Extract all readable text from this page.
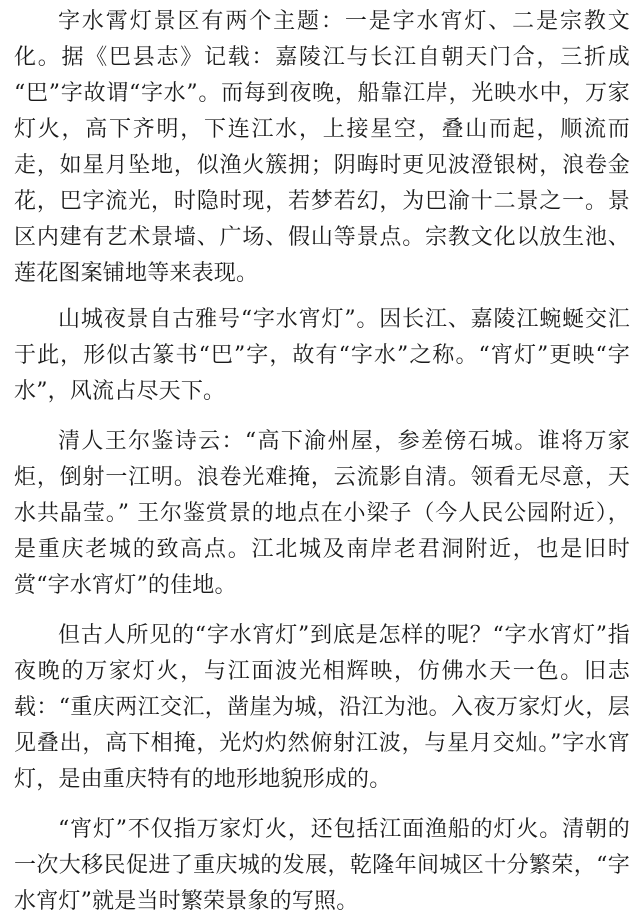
字水霄灯景区有两个主题：一是字水宵灯、二是宗教文化。据《巴县志》记载：嘉陵江与长江自朝天门合，三折成 “巴”字故谓“字水”。而每到夜晚，船靠江岸，光映水中，万家灯火，高下齐明，下连江水，上接星空，叠山而起，顺流而走，如星月坠地，似渔火簇拥；阴晦时更见波澄银树，浪卷金花，巴字流光，时隐时现，若梦若幻，为巴渝十二景之一。景区内建有艺术景墙、广场、假山等景点。宗教文化以放生池、莲花图案铺地等来表现。

山城夜景自古雅号“字水宵灯”。因长江、嘉陵江蜿蜒交汇于此，形似古篆书“巴”字，故有“字水”之称。“宵灯”更映“字水”，风流占尽天下。

清人王尔鉴诗云：“高下渝州屋，参差傍石城。谁将万家炬，倒射一江明。浪卷光难掩，云流影自清。领看无尽意，天水共晶莹。” 王尔鉴赏景的地点在小梁子（今人民公园附近），是重庆老城的致高点。江北城及南岸老君洞附近，也是旧时赏“字水宵灯”的佳地。

但古人所见的“字水宵灯”到底是怎样的呢？“字水宵灯”指夜晚的万家灯火，与江面波光相辉映，仿佛水天一色。旧志载：“重庆两江交汇，凿崖为城，沿江为池。入夜万家灯火，层见叠出，高下相掩，光灼灼然俯射江波，与星月交灿。”字水宵灯，是由重庆特有的地形地貌形成的。

“宵灯”不仅指万家灯火，还包括江面渔船的灯火。清朝的一次大移民促进了重庆城的发展，乾隆年间城区十分繁荣，“字水宵灯”就是当时繁荣景象的写照。
